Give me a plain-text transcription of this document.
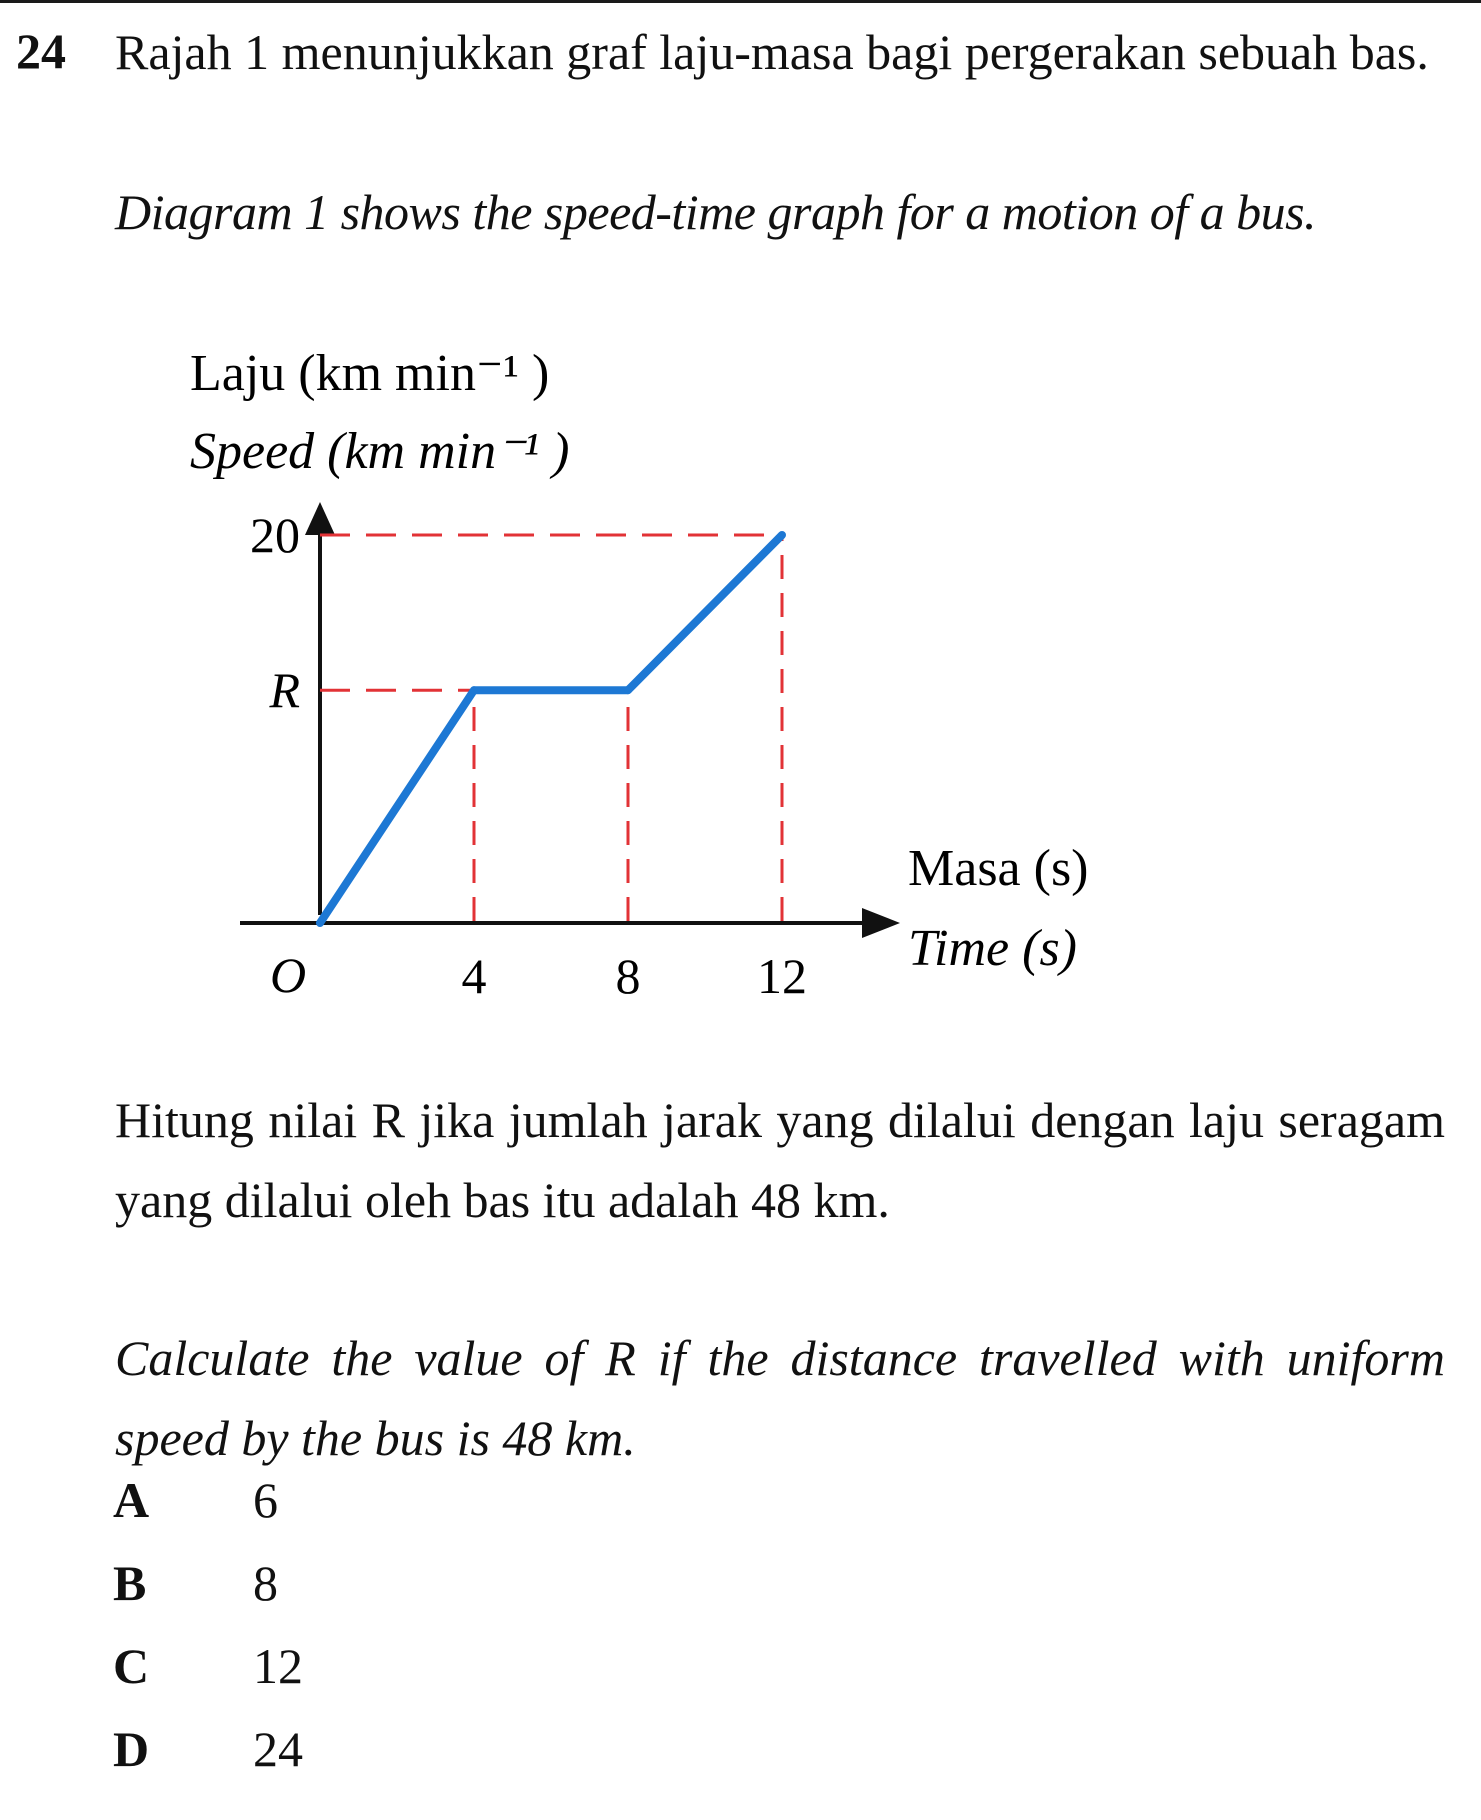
24 Rajah 1 menunjukkan graf laju-masa bagi pergerakan sebuah bas.

Diagram 1 shows the speed-time graph for a motion of a bus.

Laju (km min⁻¹ )
Speed (km min⁻¹ )
Masa (s)
Time (s)
O	4	8 12
R
20

Hitung nilai R jika jumlah jarak yang dilalui dengan laju seragam yang dilalui oleh bas itu adalah 48 km.

Calculate the value of R if the distance travelled with uniform speed by the bus is 48 km.

A 6
B 8
C 12
D 24
